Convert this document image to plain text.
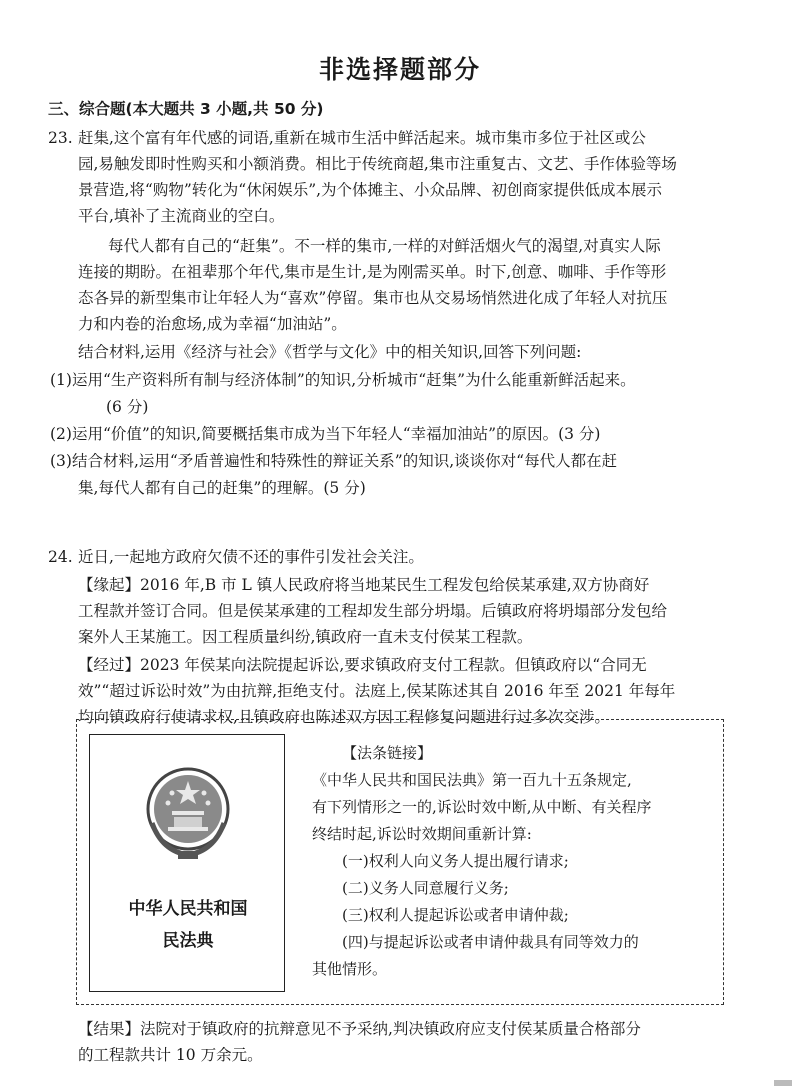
非选择题部分
三、综合题(本大题共 3 小题,共 50 分)
23. 赶集,这个富有年代感的词语,重新在城市生活中鲜活起来。城市集市多位于社区或公
园,易触发即时性购买和小额消费。相比于传统商超,集市注重复古、文艺、手作体验等场
景营造,将“购物”转化为“休闲娱乐”,为个体摊主、小众品牌、初创商家提供低成本展示
平台,填补了主流商业的空白。
每代人都有自己的“赶集”。不一样的集市,一样的对鲜活烟火气的渴望,对真实人际
连接的期盼。在祖辈那个年代,集市是生计,是为刚需买单。时下,创意、咖啡、手作等形
态各异的新型集市让年轻人为“喜欢”停留。集市也从交易场悄然进化成了年轻人对抗压
力和内卷的治愈场,成为幸福“加油站”。
结合材料,运用《经济与社会》《哲学与文化》中的相关知识,回答下列问题:
(1)运用“生产资料所有制与经济体制”的知识,分析城市“赶集”为什么能重新鲜活起来。
(6 分)
(2)运用“价值”的知识,简要概括集市成为当下年轻人“幸福加油站”的原因。(3 分)
(3)结合材料,运用“矛盾普遍性和特殊性的辩证关系”的知识,谈谈你对“每代人都在赶
集,每代人都有自己的赶集”的理解。(5 分)
24. 近日,一起地方政府欠债不还的事件引发社会关注。
【缘起】2016 年,B 市 L 镇人民政府将当地某民生工程发包给侯某承建,双方协商好
工程款并签订合同。但是侯某承建的工程却发生部分坍塌。后镇政府将坍塌部分发包给
案外人王某施工。因工程质量纠纷,镇政府一直未支付侯某工程款。
【经过】2023 年侯某向法院提起诉讼,要求镇政府支付工程款。但镇政府以“合同无
效”“超过诉讼时效”为由抗辩,拒绝支付。法庭上,侯某陈述其自 2016 年至 2021 年每年
均向镇政府行使请求权,且镇政府也陈述双方因工程修复问题进行过多次交涉。
中华人民共和国
民法典
【法条链接】
《中华人民共和国民法典》第一百九十五条规定,
有下列情形之一的,诉讼时效中断,从中断、有关程序
终结时起,诉讼时效期间重新计算:
(一)权利人向义务人提出履行请求;
(二)义务人同意履行义务;
(三)权利人提起诉讼或者申请仲裁;
(四)与提起诉讼或者申请仲裁具有同等效力的
其他情形。
【结果】法院对于镇政府的抗辩意见不予采纳,判决镇政府应支付侯某质量合格部分
的工程款共计 10 万余元。
